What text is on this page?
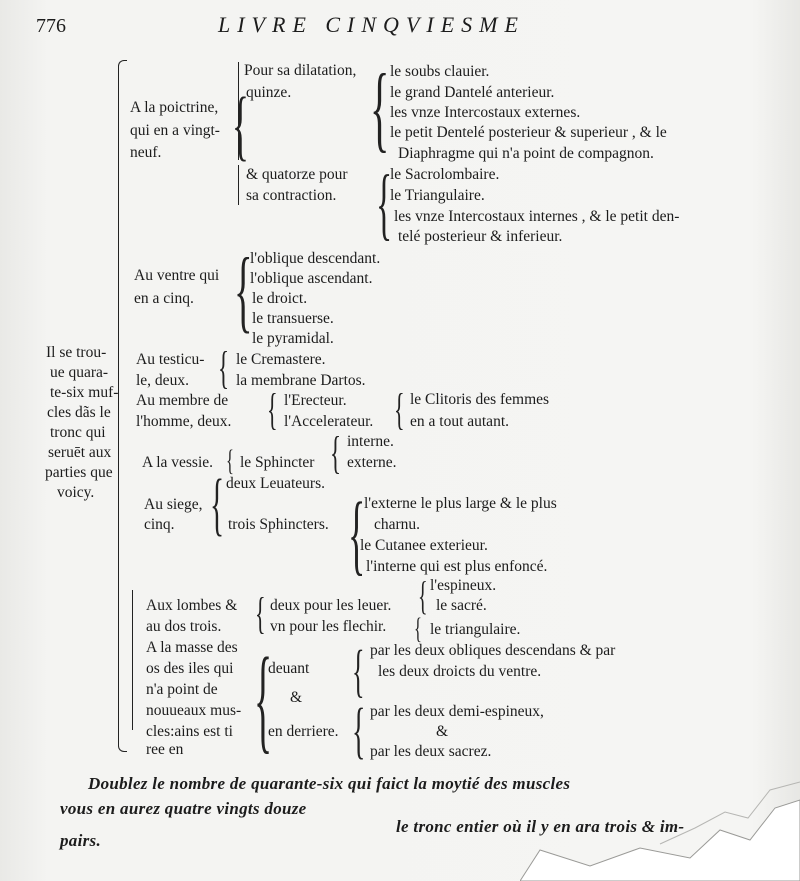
776	LIVRE CINQVIESME
Il se trou-
ue quara-
te-six muf-
cles dãs le
tronc qui
seruēt aux
parties que
voicy.
A la poictrine,
qui en a vingt-
neuf. {
Pour sa dilatation,
quinze. { le soubs clauier.
le grand Dantelé anterieur.
les vnze Intercostaux externes.
le petit Dentelé posterieur & superieur , & le
Diaphragme qui n'a point de compagnon.
& quatorze pour
sa contraction. {
le Sacrolombaire.
le Triangulaire.
les vnze Intercostaux internes , & le petit den-
telé posterieur & inferieur.
Au ventre qui
en a cinq. {
l'oblique descendant.
l'oblique ascendant.
le droict.
le transuerse.
le pyramidal.
Au testicu-
le, deux. { le Cremastere.
la membrane Dartos.
Au membre de
l'homme, deux. { l'Erecteur.
l'Accelerateur. { le Clitoris des femmes
en a tout autant.
A la vessie. { le Sphincter { interne.
externe.
Au siege,
cinq. { deux Leuateurs.
trois Sphincters. {
l'externe le plus large & le plus
charnu.
le Cutanee exterieur.
l'interne qui est plus enfoncé.
Aux lombes &
au dos trois. { deux pour les leuer.
vn pour les flechir.
{ l'espineux.
le sacré.
{ le triangulaire.
A la masse des
os des iles qui
n'a point de
nouueaux mus-
cles:ains est ti
ree en {
deuant
&
en derriere.
{ par les deux obliques descendans & par
les deux droicts du ventre.
{ par les deux demi-espineux,
&
par les deux sacrez.
Doublez le nombre de quarante-six qui faict la moytié des muscles
vous en aurez quatre vingts douze
le tronc entier où il y en ara trois & im-
pairs.
